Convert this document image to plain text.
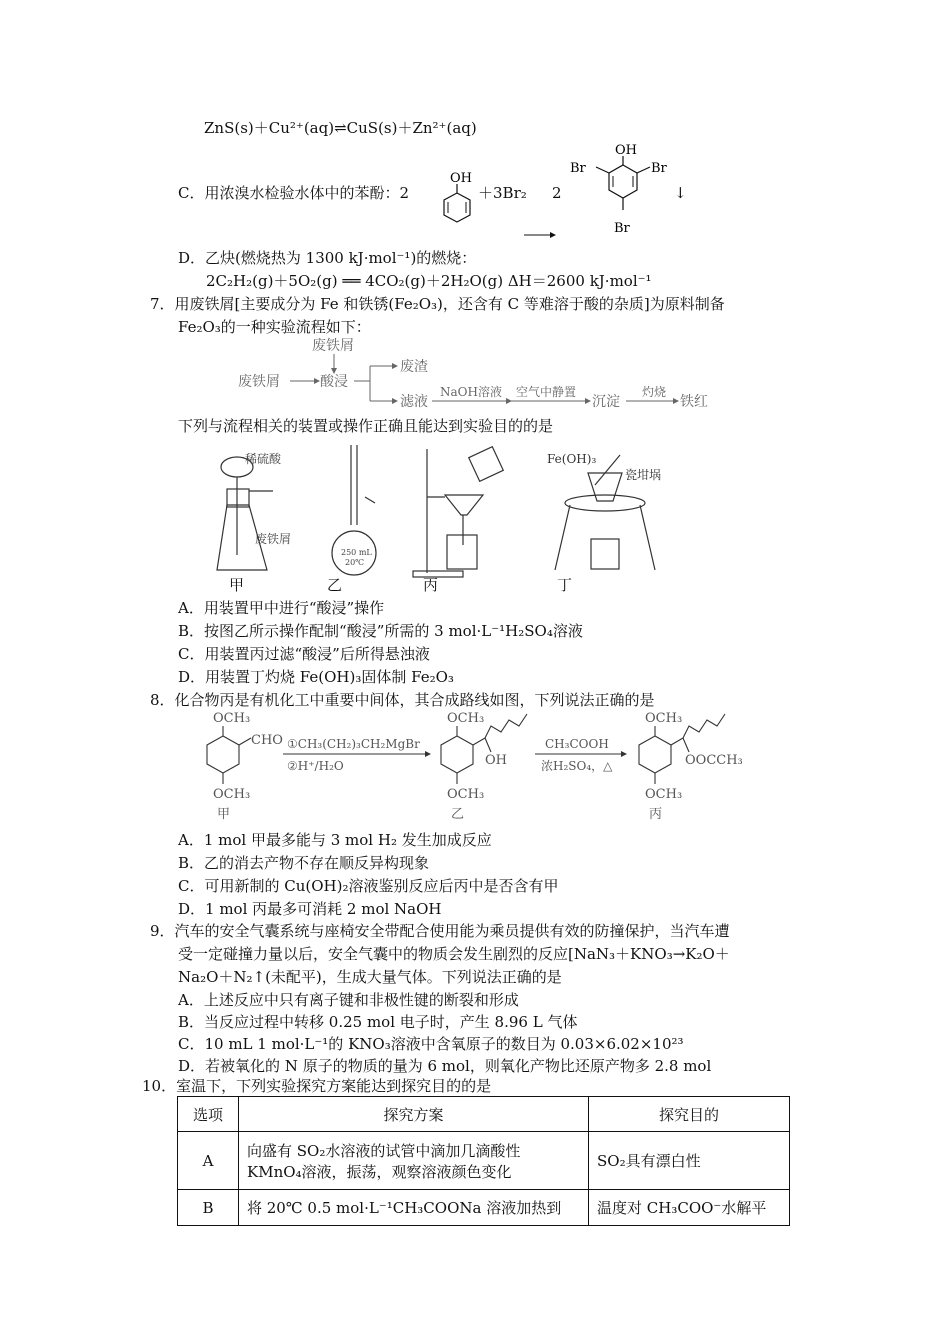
ZnS(s)＋Cu²⁺(aq)⇌CuS(s)＋Zn²⁺(aq)
C．用浓溴水检验水体中的苯酚：2
OH
＋3Br₂ 2
OH
Br	Br
Br
↓
D．乙炔(燃烧热为 1300 kJ·mol⁻¹)的燃烧：
2C₂H₂(g)＋5O₂(g) ══ 4CO₂(g)＋2H₂O(g) ΔH＝2600 kJ·mol⁻¹
7．用废铁屑[主要成分为 Fe 和铁锈(Fe₂O₃)，还含有 C 等难溶于酸的杂质]为原料制备
Fe₂O₃的一种实验流程如下：
废铁屑
废铁屑	酸浸
废渣
滤液
NaOH溶液 空气中静置
沉淀
灼烧
铁红
下列与流程相关的装置或操作正确且能达到实验目的的是
稀硫酸
废铁屑
250 mL
20℃
Fe(OH)₃
瓷坩埚
甲	乙	丙	丁
A．用装置甲中进行“酸浸”操作
B．按图乙所示操作配制“酸浸”所需的 3 mol·L⁻¹H₂SO₄溶液
C．用装置丙过滤“酸浸”后所得悬浊液
D．用装置丁灼烧 Fe(OH)₃固体制 Fe₂O₃
8．化合物丙是有机化工中重要中间体，其合成路线如图，下列说法正确的是
OCH₃
CHO
OCH₃
①CH₃(CH₂)₃CH₂MgBr
②H⁺/H₂O
OCH₃
OH
OCH₃
CH₃COOH
浓H₂SO₄，△
OCH₃
OOCCH₃
OCH₃
甲	乙	丙
A．1 mol 甲最多能与 3 mol H₂ 发生加成反应
B．乙的消去产物不存在顺反异构现象
C．可用新制的 Cu(OH)₂溶液鉴别反应后丙中是否含有甲
D．1 mol 丙最多可消耗 2 mol NaOH
9．汽车的安全气囊系统与座椅安全带配合使用能为乘员提供有效的防撞保护，当汽车遭
受一定碰撞力量以后，安全气囊中的物质会发生剧烈的反应[NaN₃＋KNO₃→K₂O＋
Na₂O＋N₂↑(未配平)，生成大量气体。下列说法正确的是
A．上述反应中只有离子键和非极性键的断裂和形成
B．当反应过程中转移 0.25 mol 电子时，产生 8.96 L 气体
C．10 mL 1 mol·L⁻¹的 KNO₃溶液中含氧原子的数目为 0.03×6.02×10²³
D．若被氧化的 N 原子的物质的量为 6 mol，则氧化产物比还原产物多 2.8 mol
10．室温下，下列实验探究方案能达到探究目的的是
选项	探究方案	探究目的
A	向盛有 SO₂水溶液的试管中滴加几滴酸性
KMnO₄溶液，振荡，观察溶液颜色变化	SO₂具有漂白性
B	将 20℃ 0.5 mol·L⁻¹CH₃COONa 溶液加热到	温度对 CH₃COO⁻水解平
